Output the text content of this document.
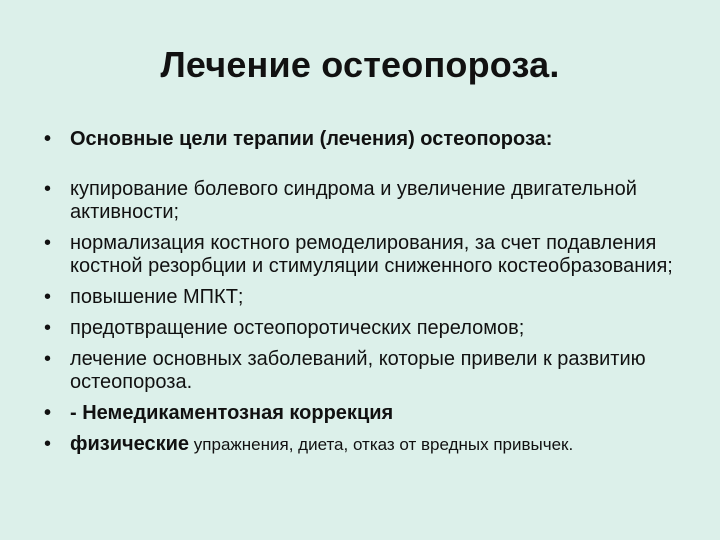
Лечение остеопороза.
• Основные цели терапии (лечения) остеопороза:
• купирование болевого синдрома и увеличение двигательной активности;
• нормализация костного ремоделирования, за счет подавления костной резорбции и стимуляции сниженного костеобразования;
• повышение МПКТ;
• предотвращение остеопоротических переломов;
• лечение основных заболеваний, которые привели к развитию остеопороза.
• - Немедикаментозная коррекция
• физические упражнения, диета, отказ от вредных привычек.
